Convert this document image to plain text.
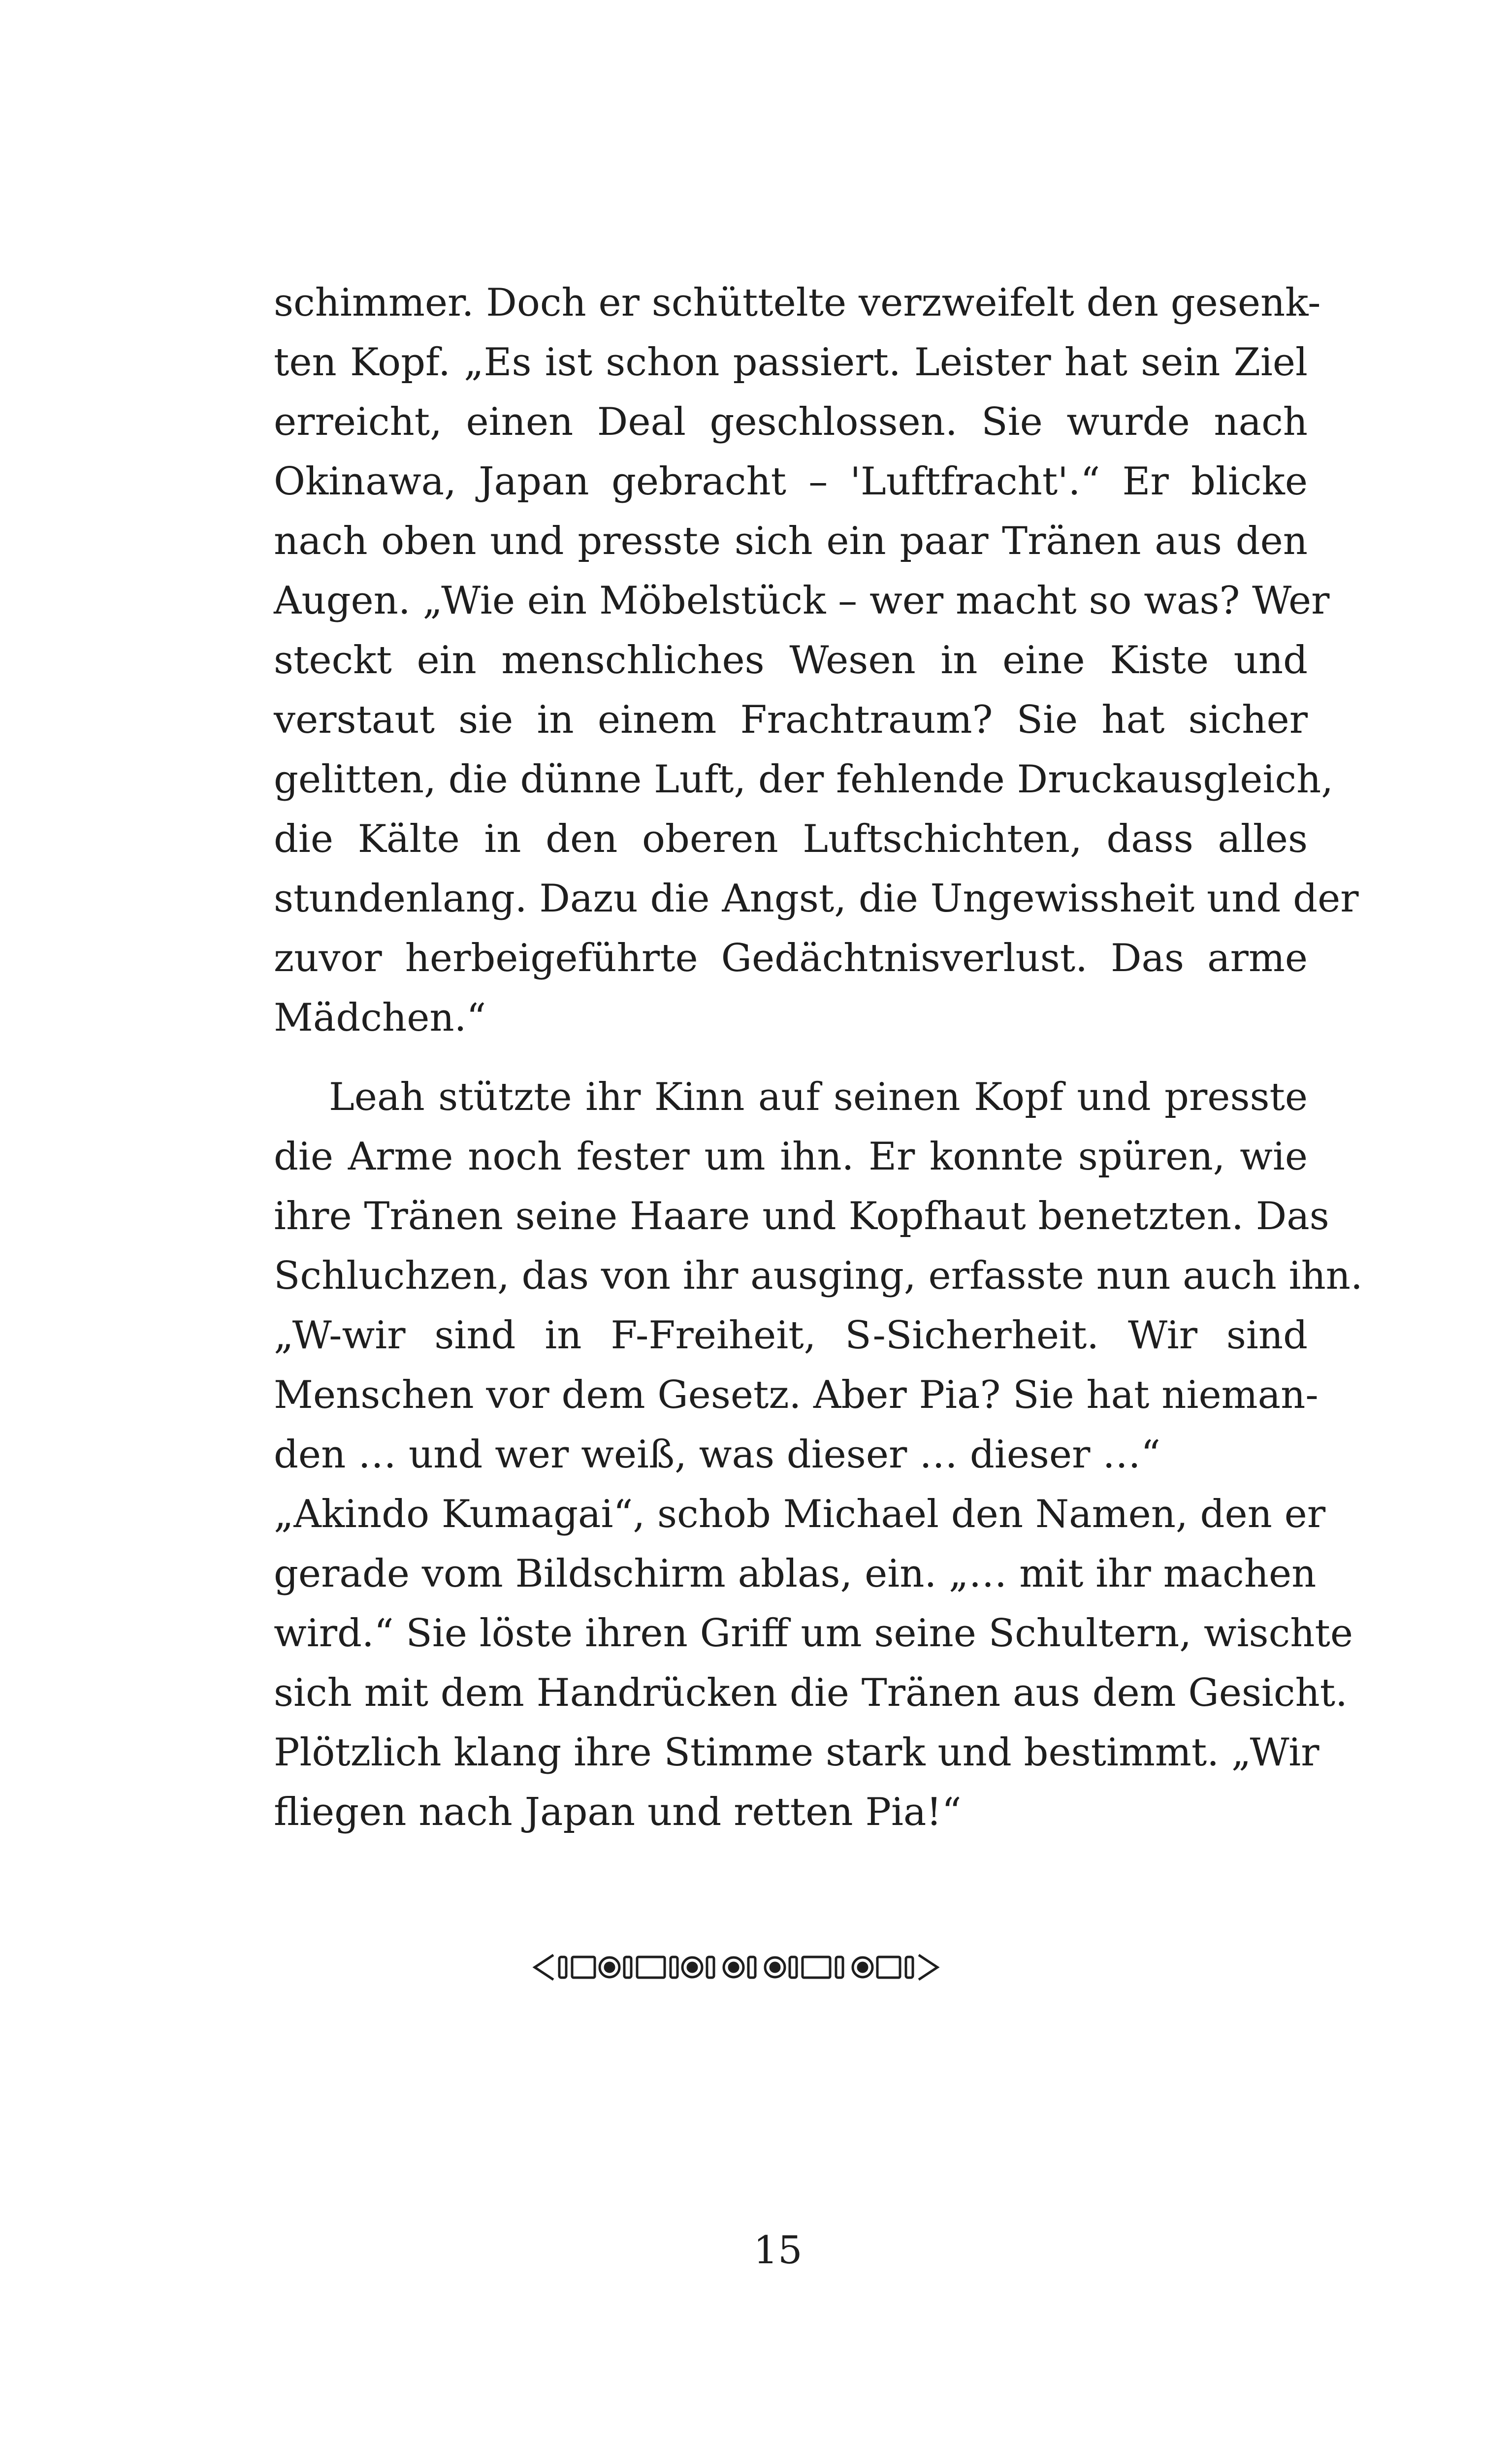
schimmer. Doch er schüttelte verzweifelt den gesenk-
ten Kopf. „Es ist schon passiert. Leister hat sein Ziel
erreicht, einen Deal geschlossen. Sie wurde nach
Okinawa, Japan gebracht – 'Luftfracht'.“ Er blicke
nach oben und presste sich ein paar Tränen aus den
Augen. „Wie ein Möbelstück – wer macht so was? Wer
steckt ein menschliches Wesen in eine Kiste und
verstaut sie in einem Frachtraum? Sie hat sicher
gelitten, die dünne Luft, der fehlende Druckausgleich,
die Kälte in den oberen Luftschichten, dass alles
stundenlang. Dazu die Angst, die Ungewissheit und der
zuvor herbeigeführte Gedächtnisverlust. Das arme
Mädchen.“
Leah stützte ihr Kinn auf seinen Kopf und presste
die Arme noch fester um ihn. Er konnte spüren, wie
ihre Tränen seine Haare und Kopfhaut benetzten. Das
Schluchzen, das von ihr ausging, erfasste nun auch ihn.
„W-wir sind in F-Freiheit, S-Sicherheit. Wir sind
Menschen vor dem Gesetz. Aber Pia? Sie hat nieman-
den … und wer weiß, was dieser … dieser …“
„Akindo Kumagai“, schob Michael den Namen, den er
gerade vom Bildschirm ablas, ein. „… mit ihr machen
wird.“ Sie löste ihren Griff um seine Schultern, wischte
sich mit dem Handrücken die Tränen aus dem Gesicht.
Plötzlich klang ihre Stimme stark und bestimmt. „Wir
fliegen nach Japan und retten Pia!“
15
